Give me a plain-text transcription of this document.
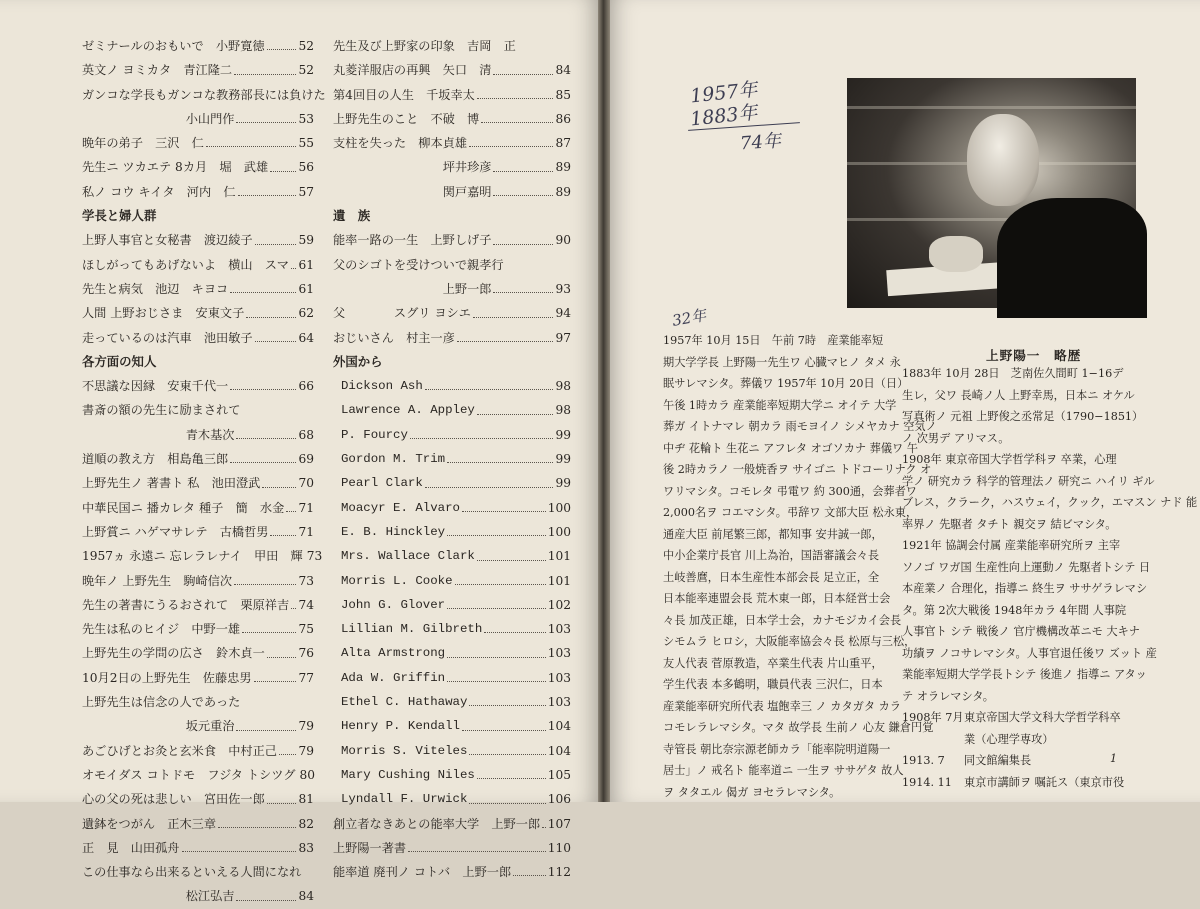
ゼミナールのおもいで　小野寛徳	52
英文ノ ヨミカタ　青江隆二	52
ガンコな学長もガンコな教務部長には負けた
小山門作	53
晩年の弟子　三沢　仁	55
先生ニ ツカエテ 8カ月　堀　武雄 56
私ノ コウ キイタ　河内　仁	57
学長と婦人群
上野人事官と女秘書　渡辺綾子	59
ほしがってもあげないよ　横山　スマ 61
先生と病気　池辺　キヨコ	61
人間 上野おじさま　安東文子	62
走っているのは汽車　池田敏子	64
各方面の知人
不思議な因縁　安東千代一	66
書斎の額の先生に励まされて
青木基次	68
道順の教え方　相島亀三郎	69
上野先生ノ 著書ト 私　池田澄武	70
中華民国ニ 播カレタ 種子　簡　水金 71
上野賞ニ ハゲマサレテ　古橋哲男 71
1957ヵ 永遠ニ 忘レラレナイ　甲田　輝 73
晩年ノ 上野先生　駒崎信次	73
先生の著書にうるおされて　栗原祥吉 74
先生は私のヒイジ　中野一雄	75
上野先生の学問の広さ　鈴木貞一	76
10月2日の上野先生　佐藤忠男	77
上野先生は信念の人であった
坂元重治	79
あごひげとお灸と玄米食　中村正己 79
オモイダス コトドモ　フジタ トシツグ 80
心の父の死は悲しい　宮田佐一郎	81
遺鉢をつがん　正木三章	82
正　見　山田孤舟	83
この仕事なら出来るといえる人間になれ
松江弘吉	84
先生及び上野家の印象　吉岡　正
丸菱洋服店の再興　矢口　清	84
第4回目の人生　千坂幸太	85
上野先生のこと　不破　博	86
支柱を失った　柳本貞雄	87
坪井珍彦	89
関戸嘉明	89
遺　族
能率一路の一生　上野しげ子	90
父のシゴトを受けついで親孝行
上野一郎	93
父　　　　スグリ ヨシエ	94
おじいさん　村主一彦	97
外国から
Dickson Ash	98
Lawrence A. Appley	98
P. Fourcy	99
Gordon M. Trim	99
Pearl Clark	99
Moacyr E. Alvaro	100
E. B. Hinckley	100
Mrs. Wallace Clark	101
Morris L. Cooke	101
John G. Glover	102
Lillian M. Gilbreth	103
Alta Armstrong	103
Ada W. Griffin	103
Ethel C. Hathaway	103
Henry P. Kendall	104
Morris S. Viteles	104
Mary Cushing Niles	105
Lyndall F. Urwick	106
創立者なきあとの能率大学　上野一郎 107
上野陽一著書	110
能率道 廃刊ノ コトバ　上野一郎	112
1957年
1883年
74年
32年
上野陽一　略歴
1957年 10月 15日　午前 7時　産業能率短
期大学学長 上野陽一先生ワ 心臓マヒノ タメ 永
眠サレマシタ。葬儀ワ 1957年 10月 20日（日）
午後 1時カラ 産業能率短期大学ニ オイテ 大学
葬ガ イトナマレ 朝カラ 雨モヨイノ シメヤカナ 空気ノ
中ヂ 花輪ト 生花ニ アフレタ オゴソカナ 葬儀ワ 午
後 2時カラノ 一般焼香ヲ サイゴニ トドコーリナク オ
ワリマシタ。コモレタ 弔電ワ 約 300通，会葬者ワ
2,000名ヲ コエマシタ。弔辞ワ 文部大臣 松永東，
通産大臣 前尾繁三郎，都知事 安井誠一郎，
中小企業庁長官 川上為治，国語審議会々長
土岐善麿，日本生産性本部会長 足立正，全
日本能率連盟会長 荒木東一郎，日本経営士会
々長 加茂正雄，日本学士会，カナモジカイ会長
シモムラ ヒロシ，大阪能率協会々長 松原与三松，
友人代表 菅原教造，卒業生代表 片山重平，
学生代表 本多鶴明，職員代表 三沢仁，日本
産業能率研究所代表 塩飽幸三 ノ カタガタ カラ
コモレラレマシタ。マタ 故学長 生前ノ 心友 鎌倉円覚
寺管長 朝比奈宗源老師カラ「能率院明道陽一
居士」ノ 戒名ト 能率道ニ 一生ヲ ササゲタ 故人
ヲ タタエル 偈ガ ヨセラレマシタ。
1883年 10月 28日　芝南佐久間町 1−16デ
生レ，父ワ 長崎ノ人 上野幸馬，日本ニ オケル
写真術ノ 元祖 上野俊之丞常足（1790−1851）
ノ 次男デ アリマス。
1908年 東京帝国大学哲学科ヲ 卒業，心理
学ノ 研究カラ 科学的管理法ノ 研究ニ ハイリ ギル
ブレス，クラーク，ハスウェイ，クック，エマスン ナド 能
率界ノ 先駆者 タチト 親交ヲ 結ビマシタ。
1921年 協調会付属 産業能率研究所ヲ 主宰
ソノゴ ワガ国 生産性向上運動ノ 先駆者トシテ 日
本産業ノ 合理化，指導ニ 終生ヲ ササゲラレマシ
タ。第 2次大戦後 1948年カラ 4年間 人事院
人事官ト シテ 戦後ノ 官庁機構改革ニモ 大キナ
功績ヲ ノコサレマシタ。人事官退任後ワ ズット 産
業能率短期大学学長トシテ 後進ノ 指導ニ アタッ
テ オラレマシタ。
1908年 7月 東京帝国大学文科大学哲学科卒
業（心理学専攻）
1913. 7	同文館編集長
1914. 11	東京市講師ヲ 嘱託ス（東京市役
1
